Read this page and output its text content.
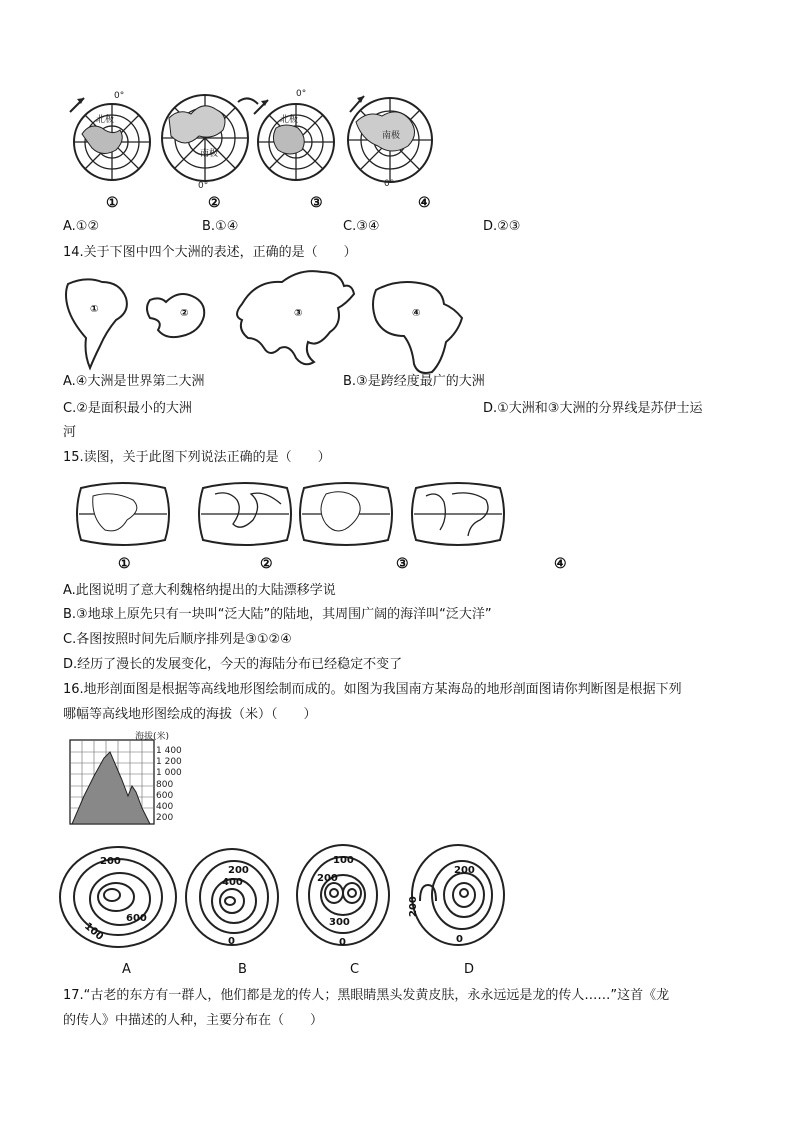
0°
0°
0°
0°
北极
南极
北极
南极
①	②	③	④
A.①②	B.①④	C.③④	D.②③
14.关于下图中四个大洲的表述，正确的是（　　）
①	②	③	④
A.④大洲是世界第二大洲	B.③是跨经度最广的大洲
C.②是面积最小的大洲	D.①大洲和③大洲的分界线是苏伊士运
河
15.读图，关于此图下列说法正确的是（　　）
①	②	③	④
A.此图说明了意大利魏格纳提出的大陆漂移学说
B.③地球上原先只有一块叫“泛大陆”的陆地，其周围广阔的海洋叫“泛大洋”
C.各图按照时间先后顺序排列是③①②④
D.经历了漫长的发展变化，今天的海陆分布已经稳定不变了
16.地形剖面图是根据等高线地形图绘制而成的。如图为我国南方某海岛的地形剖面图请你判断图是根据下列
哪幅等高线地形图绘成的海拔（米）（　　）
海拔(米)
1 400
1 200
1 000
800
600
400
200
200
600
100
200
400
0
100
200
300
0
200
200
0
A	B	C	D
17.“古老的东方有一群人，他们都是龙的传人；黑眼睛黑头发黄皮肤，永永远远是龙的传人……”这首《龙
的传人》中描述的人种，主要分布在（　　）
